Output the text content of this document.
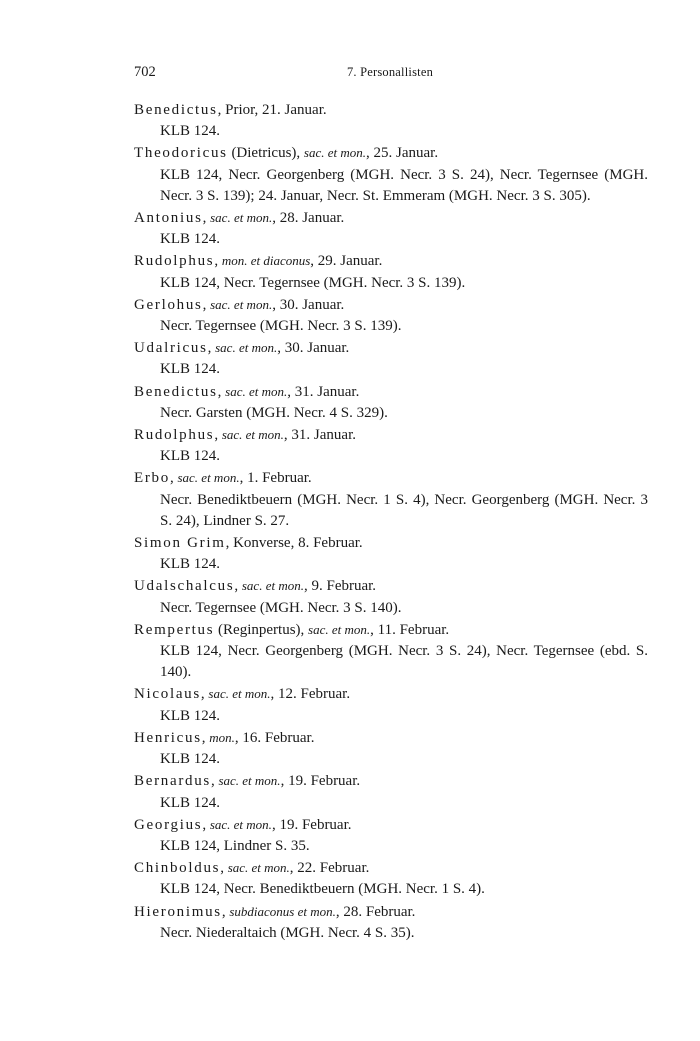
702	7. Personallisten
Benedictus, Prior, 21. Januar.
KLB 124.
Theodoricus (Dietricus), sac. et mon., 25. Januar.
KLB 124, Necr. Georgenberg (MGH. Necr. 3 S. 24), Necr. Tegernsee (MGH. Necr. 3 S. 139); 24. Januar, Necr. St. Emmeram (MGH. Necr. 3 S. 305).
Antonius, sac. et mon., 28. Januar.
KLB 124.
Rudolphus, mon. et diaconus, 29. Januar.
KLB 124, Necr. Tegernsee (MGH. Necr. 3 S. 139).
Gerlohus, sac. et mon., 30. Januar.
Necr. Tegernsee (MGH. Necr. 3 S. 139).
Udalricus, sac. et mon., 30. Januar.
KLB 124.
Benedictus, sac. et mon., 31. Januar.
Necr. Garsten (MGH. Necr. 4 S. 329).
Rudolphus, sac. et mon., 31. Januar.
KLB 124.
Erbo, sac. et mon., 1. Februar.
Necr. Benediktbeuern (MGH. Necr. 1 S. 4), Necr. Georgenberg (MGH. Necr. 3 S. 24), Lindner S. 27.
Simon Grim, Konverse, 8. Februar.
KLB 124.
Udalschalcus, sac. et mon., 9. Februar.
Necr. Tegernsee (MGH. Necr. 3 S. 140).
Rempertus (Reginpertus), sac. et mon., 11. Februar.
KLB 124, Necr. Georgenberg (MGH. Necr. 3 S. 24), Necr. Tegernsee (ebd. S. 140).
Nicolaus, sac. et mon., 12. Februar.
KLB 124.
Henricus, mon., 16. Februar.
KLB 124.
Bernardus, sac. et mon., 19. Februar.
KLB 124.
Georgius, sac. et mon., 19. Februar.
KLB 124, Lindner S. 35.
Chinboldus, sac. et mon., 22. Februar.
KLB 124, Necr. Benediktbeuern (MGH. Necr. 1 S. 4).
Hieronimus, subdiaconus et mon., 28. Februar.
Necr. Niederaltaich (MGH. Necr. 4 S. 35).
